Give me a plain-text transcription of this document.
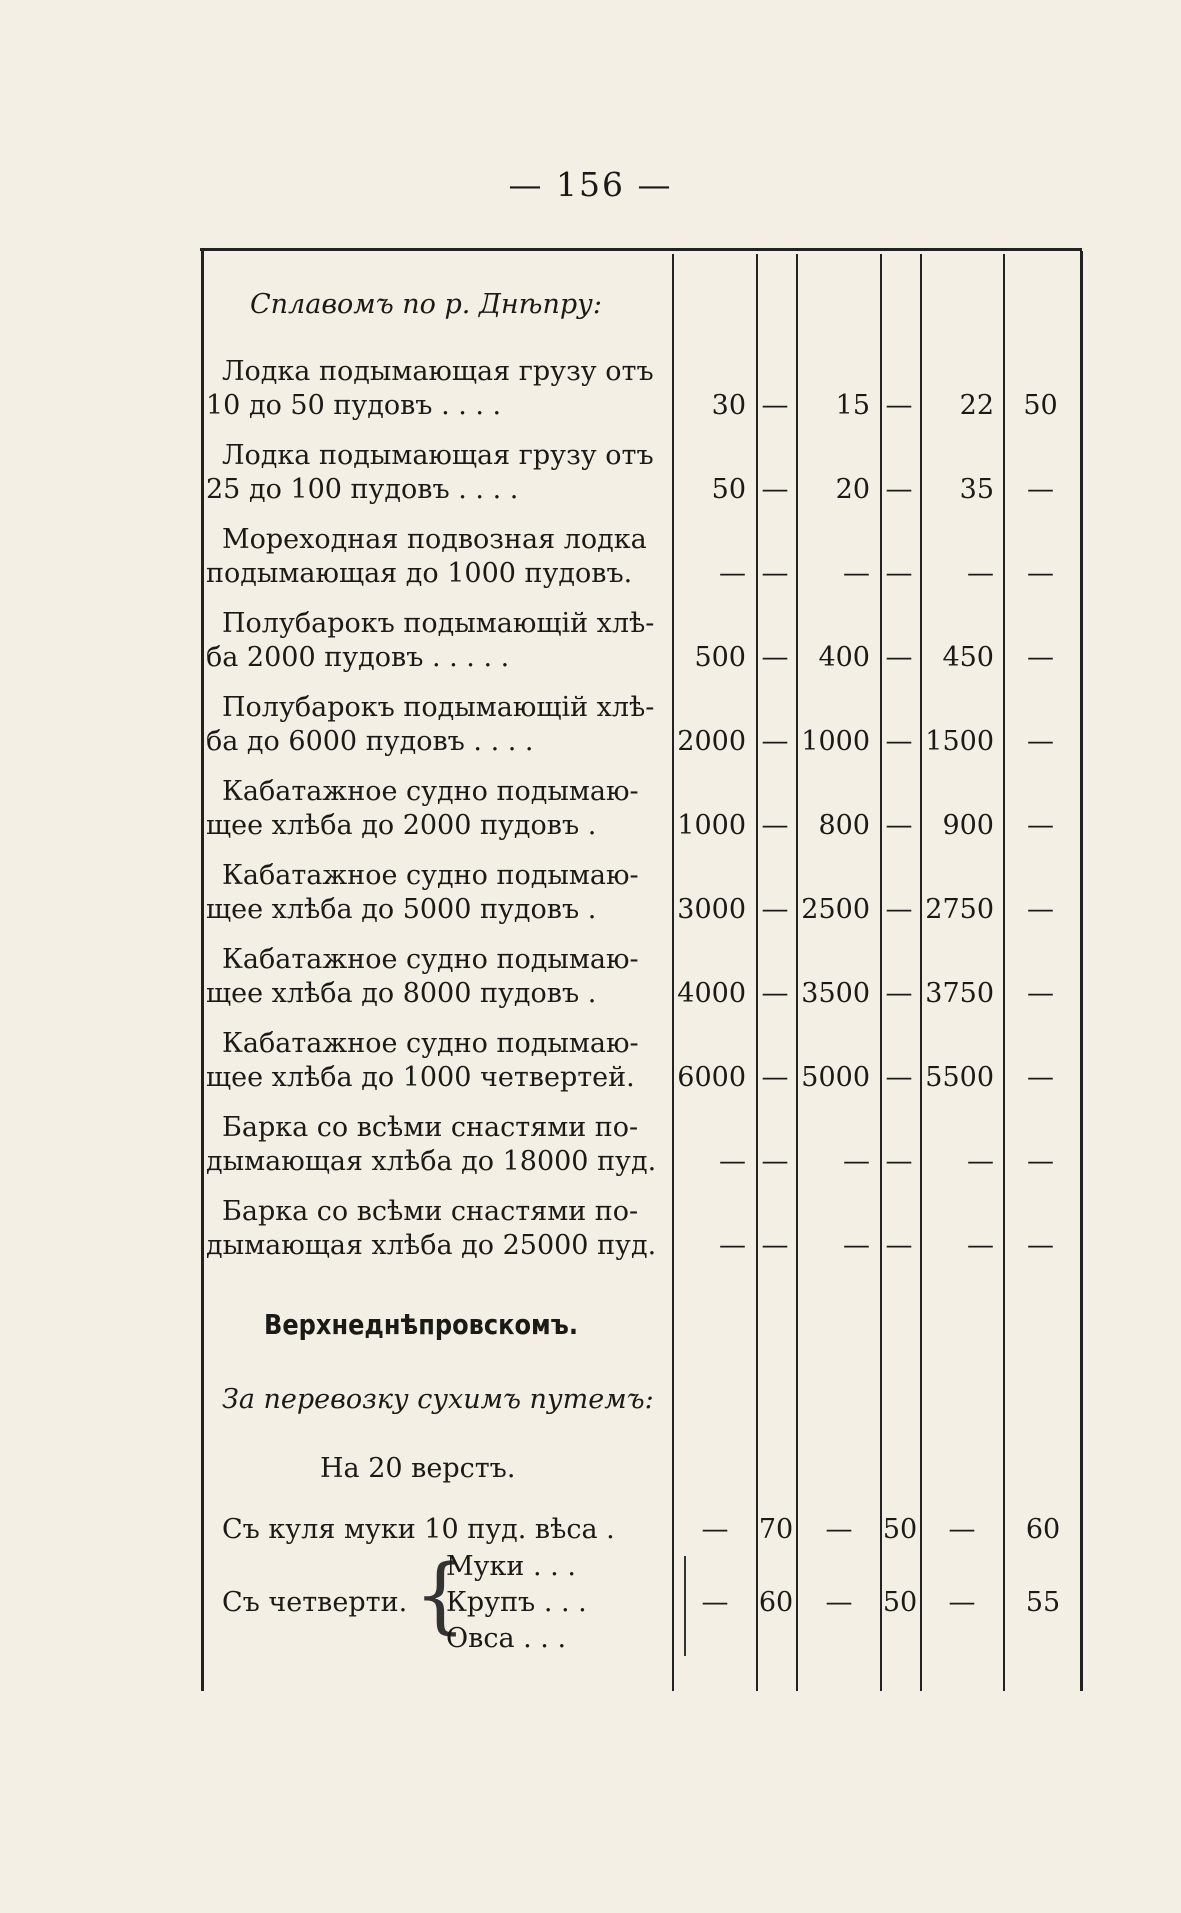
— 156 —
Сплавомъ по р. Днѣпру:
Лодка подымающая грузу отъ
10 до 50 пудовъ . . . .	30 —	15 —	22	50
Лодка подымающая грузу отъ
25 до 100 пудовъ . . . .	50 —	20 —	35	—
Мореходная подвозная лодка
подымающая до 1000 пудовъ.	— —	— —	—	—
Полубарокъ подымающій хлѣ-
ба 2000 пудовъ . . . . .	500 —	400 —	450	—
Полубарокъ подымающій хлѣ-
ба до 6000 пудовъ . . . .	2000 — 1000 — 1500	—
Кабатажное судно подымаю-
щее хлѣба до 2000 пудовъ .	1000 —	800 —	900	—
Кабатажное судно подымаю-
щее хлѣба до 5000 пудовъ .	3000 — 2500 — 2750	—
Кабатажное судно подымаю-
щее хлѣба до 8000 пудовъ .	4000 — 3500 — 3750	—
Кабатажное судно подымаю-
щее хлѣба до 1000 четвертей.	6000 — 5000 — 5500	—
Барка со всѣми снастями по-
дымающая хлѣба до 18000 пуд.	— —	— —	—	—
Барка со всѣми снастями по-
дымающая хлѣба до 25000 пуд.	— —	— —	—	—
Верхнеднѣпровскомъ.
За перевозку сухимъ путемъ:
На 20 верстъ.
Съ куля муки 10 пуд. вѣса .	—	70	—	50	—	60
Съ четверти. {
Муки . . .
Крупъ . . .
Овса . . .
—	60	—	50	—	55
